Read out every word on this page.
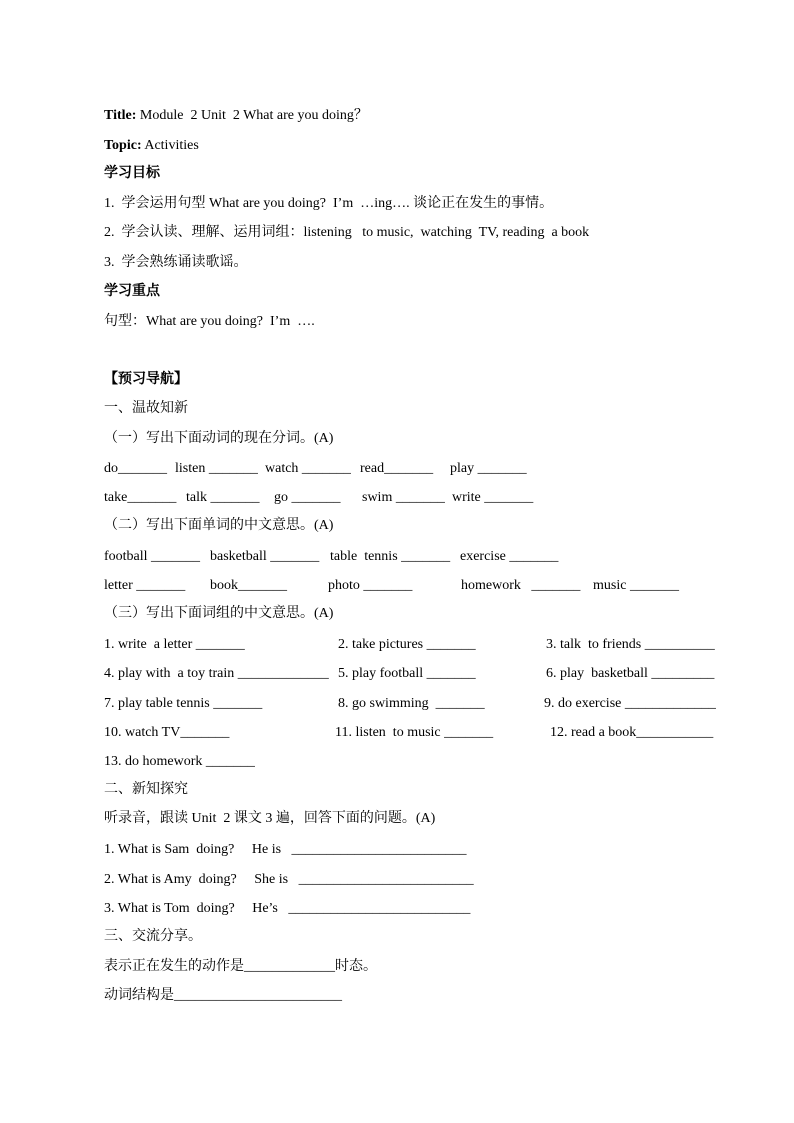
Title: Module  2 Unit  2 What are you doing？
Topic: Activities
学习目标
1.  学会运用句型 What are you doing?  I’m  …ing…. 谈论正在发生的事情。
2.  学会认读、理解、运用词组：listening   to music,  watching  TV, reading  a book
3.  学会熟练诵读歌谣。
学习重点
句型：What are you doing?  I’m  ….
【预习导航】
一、温故知新
（一）写出下面动词的现在分词。(A)
do_______ listen _______ watch _______ read_______ play _______
take_______ talk _______ go _______ swim _______ write _______
（二）写出下面单词的中文意思。(A)
football _______ basketball _______ table  tennis _______ exercise _______
letter _______ book_______	photo _______	homework   _______ music _______
（三）写出下面词组的中文意思。(A)
1. write  a letter _______	2. take pictures _______	3. talk  to friends __________
4. play with  a toy train _____________ 5. play football _______	6. play  basketball _________
7. play table tennis _______	8. go swimming  _______	9. do exercise _____________
10. watch TV_______	11. listen  to music _______	12. read a book___________
13. do homework _______
二、新知探究
听录音，跟读 Unit  2 课文 3 遍，回答下面的问题。(A)
1. What is Sam  doing?     He is   _________________________
2. What is Amy  doing?     She is   _________________________
3. What is Tom  doing?     He’s   __________________________
三、交流分享。
表示正在发生的动作是_____________时态。
动词结构是________________________
